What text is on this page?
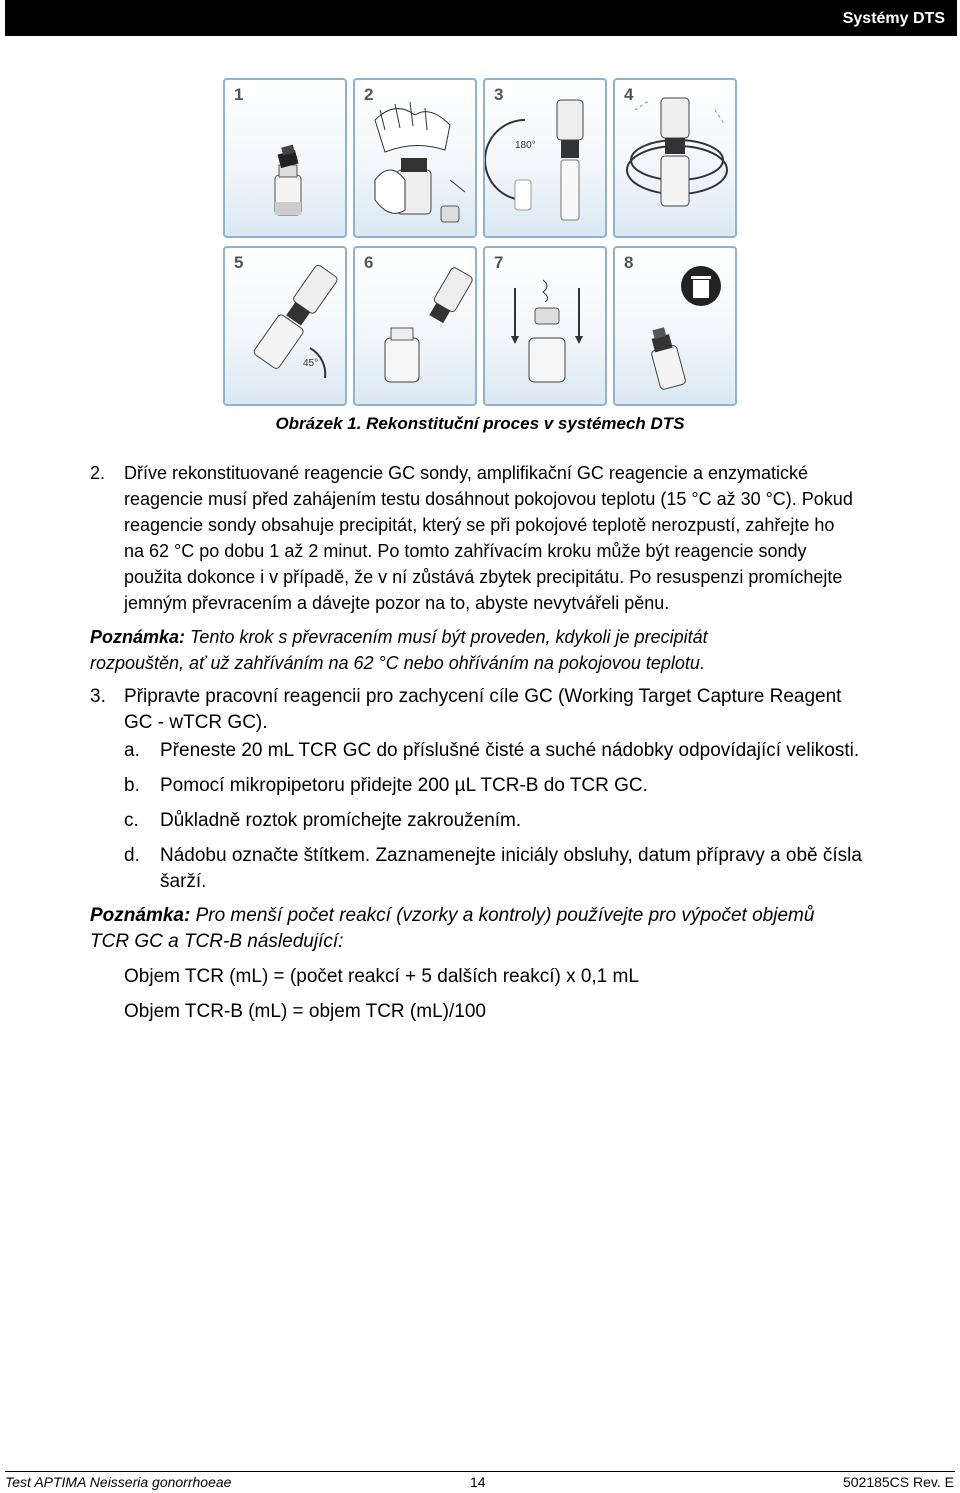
Systémy DTS
1	2	3
180°
4
5
45°
6	7	8
Obrázek 1. Rekonstituční proces v systémech DTS
2. Dříve rekonstituované reagencie GC sondy, amplifikační GC reagencie a enzymatické
reagencie musí před zahájením testu dosáhnout pokojovou teplotu (15 °C až 30 °C). Pokud
reagencie sondy obsahuje precipitát, který se při pokojové teplotě nerozpustí, zahřejte ho
na 62 °C po dobu 1 až 2 minut. Po tomto zahřívacím kroku může být reagencie sondy
použita dokonce i v případě, že v ní zůstává zbytek precipitátu. Po resuspenzi promíchejte
jemným převracením a dávejte pozor na to, abyste nevytvářeli pěnu.
Poznámka: Tento krok s převracením musí být proveden, kdykoli je precipitát
rozpouštěn, ať už zahříváním na 62 °C nebo ohříváním na pokojovou teplotu.
3. Připravte pracovní reagencii pro zachycení cíle GC (Working Target Capture Reagent
GC - wTCR GC).
a. Přeneste 20 mL TCR GC do příslušné čisté a suché nádobky odpovídající velikosti.
b. Pomocí mikropipetoru přidejte 200 µL TCR-B do TCR GC.
c. Důkladně roztok promíchejte zakroužením.
d. Nádobu označte štítkem. Zaznamenejte iniciály obsluhy, datum přípravy a obě čísla
šarží.
Poznámka: Pro menší počet reakcí (vzorky a kontroly) používejte pro výpočet objemů
TCR GC a TCR-B následující:
Objem TCR (mL) = (počet reakcí + 5 dalších reakcí) x 0,1 mL
Objem TCR-B (mL) = objem TCR (mL)/100
Test APTIMA Neisseria gonorrhoeae	14	502185CS Rev. E
